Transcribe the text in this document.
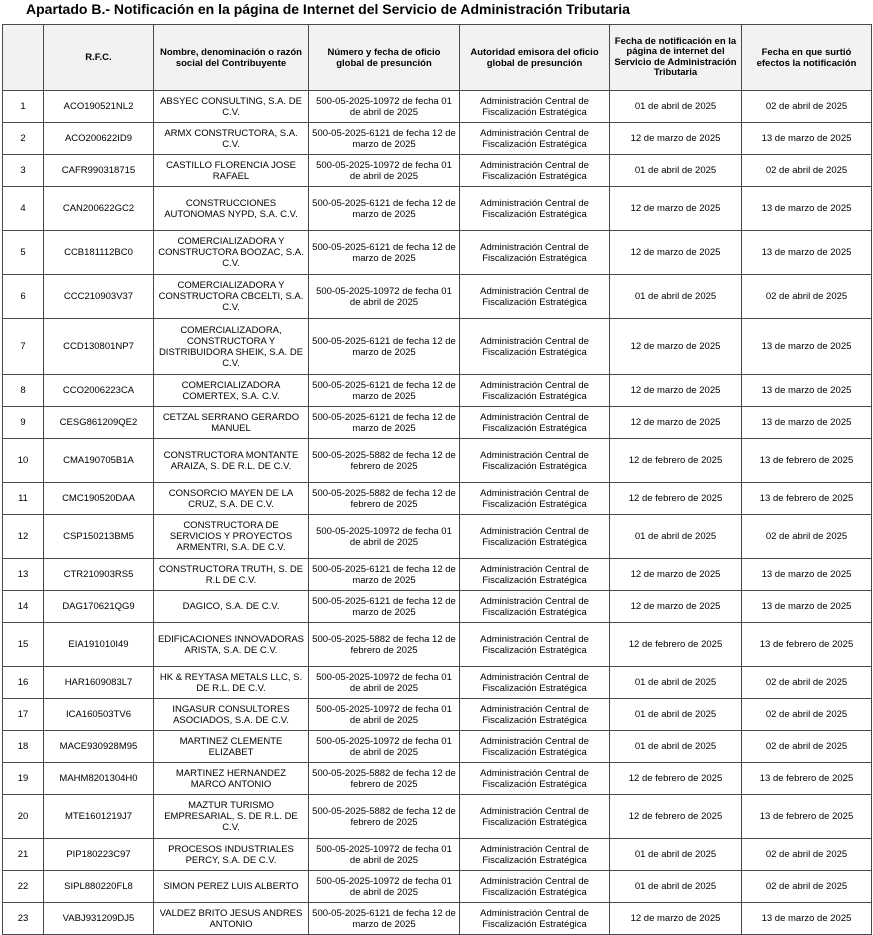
Apartado B.- Notificación en la página de Internet del Servicio de Administración Tributaria
	R.F.C.	Nombre, denominación o razón social del Contribuyente	Número y fecha de oficio global de presunción	Autoridad emisora del oficio global de presunción	Fecha de notificación en la página de internet del Servicio de Administración Tributaria	Fecha en que surtió efectos la notificación
1	ACO190521NL2	ABSYEC CONSULTING, S.A. DE C.V.	500-05-2025-10972 de fecha 01 de abril de 2025	Administración Central de Fiscalización Estratégica	01 de abril de 2025	02 de abril de 2025
2	ACO200622ID9	ARMX CONSTRUCTORA, S.A. C.V.	500-05-2025-6121 de fecha 12 de marzo de 2025	Administración Central de Fiscalización Estratégica	12 de marzo de 2025	13 de marzo de 2025
3	CAFR990318715	CASTILLO FLORENCIA JOSE RAFAEL	500-05-2025-10972 de fecha 01 de abril de 2025	Administración Central de Fiscalización Estratégica	01 de abril de 2025	02 de abril de 2025
4	CAN200622GC2	CONSTRUCCIONES AUTONOMAS NYPD, S.A. C.V.	500-05-2025-6121 de fecha 12 de marzo de 2025	Administración Central de Fiscalización Estratégica	12 de marzo de 2025	13 de marzo de 2025
5	CCB181112BC0	COMERCIALIZADORA Y CONSTRUCTORA BOOZAC, S.A. C.V.	500-05-2025-6121 de fecha 12 de marzo de 2025	Administración Central de Fiscalización Estratégica	12 de marzo de 2025	13 de marzo de 2025
6	CCC210903V37	COMERCIALIZADORA Y CONSTRUCTORA CBCELTI, S.A. C.V.	500-05-2025-10972 de fecha 01 de abril de 2025	Administración Central de Fiscalización Estratégica	01 de abril de 2025	02 de abril de 2025
7	CCD130801NP7	COMERCIALIZADORA, CONSTRUCTORA Y DISTRIBUIDORA SHEIK, S.A. DE C.V.	500-05-2025-6121 de fecha 12 de marzo de 2025	Administración Central de Fiscalización Estratégica	12 de marzo de 2025	13 de marzo de 2025
8	CCO2006223CA	COMERCIALIZADORA COMERTEX, S.A. C.V.	500-05-2025-6121 de fecha 12 de marzo de 2025	Administración Central de Fiscalización Estratégica	12 de marzo de 2025	13 de marzo de 2025
9	CESG861209QE2	CETZAL SERRANO GERARDO MANUEL	500-05-2025-6121 de fecha 12 de marzo de 2025	Administración Central de Fiscalización Estratégica	12 de marzo de 2025	13 de marzo de 2025
10	CMA190705B1A	CONSTRUCTORA MONTANTE ARAIZA, S. DE R.L. DE C.V.	500-05-2025-5882 de fecha 12 de febrero de 2025	Administración Central de Fiscalización Estratégica	12 de febrero de 2025	13 de febrero de 2025
11	CMC190520DAA	CONSORCIO MAYEN DE LA CRUZ, S.A. DE C.V.	500-05-2025-5882 de fecha 12 de febrero de 2025	Administración Central de Fiscalización Estratégica	12 de febrero de 2025	13 de febrero de 2025
12	CSP150213BM5	CONSTRUCTORA DE SERVICIOS Y PROYECTOS ARMENTRI, S.A. DE C.V.	500-05-2025-10972 de fecha 01 de abril de 2025	Administración Central de Fiscalización Estratégica	01 de abril de 2025	02 de abril de 2025
13	CTR210903RS5	CONSTRUCTORA TRUTH, S. DE R.L DE C.V.	500-05-2025-6121 de fecha 12 de marzo de 2025	Administración Central de Fiscalización Estratégica	12 de marzo de 2025	13 de marzo de 2025
14	DAG170621QG9	DAGICO, S.A. DE C.V.	500-05-2025-6121 de fecha 12 de marzo de 2025	Administración Central de Fiscalización Estratégica	12 de marzo de 2025	13 de marzo de 2025
15	EIA191010I49	EDIFICACIONES INNOVADORAS ARISTA, S.A. DE C.V.	500-05-2025-5882 de fecha 12 de febrero de 2025	Administración Central de Fiscalización Estratégica	12 de febrero de 2025	13 de febrero de 2025
16	HAR1609083L7	HK & REYTASA METALS LLC, S. DE R.L. DE C.V.	500-05-2025-10972 de fecha 01 de abril de 2025	Administración Central de Fiscalización Estratégica	01 de abril de 2025	02 de abril de 2025
17	ICA160503TV6	INGASUR CONSULTORES ASOCIADOS, S.A. DE C.V.	500-05-2025-10972 de fecha 01 de abril de 2025	Administración Central de Fiscalización Estratégica	01 de abril de 2025	02 de abril de 2025
18	MACE930928M95	MARTINEZ CLEMENTE ELIZABET	500-05-2025-10972 de fecha 01 de abril de 2025	Administración Central de Fiscalización Estratégica	01 de abril de 2025	02 de abril de 2025
19	MAHM8201304H0	MARTINEZ HERNANDEZ MARCO ANTONIO	500-05-2025-5882 de fecha 12 de febrero de 2025	Administración Central de Fiscalización Estratégica	12 de febrero de 2025	13 de febrero de 2025
20	MTE1601219J7	MAZTUR TURISMO EMPRESARIAL, S. DE R.L. DE C.V.	500-05-2025-5882 de fecha 12 de febrero de 2025	Administración Central de Fiscalización Estratégica	12 de febrero de 2025	13 de febrero de 2025
21	PIP180223C97	PROCESOS INDUSTRIALES PERCY, S.A. DE C.V.	500-05-2025-10972 de fecha 01 de abril de 2025	Administración Central de Fiscalización Estratégica	01 de abril de 2025	02 de abril de 2025
22	SIPL880220FL8	SIMON PEREZ LUIS ALBERTO	500-05-2025-10972 de fecha 01 de abril de 2025	Administración Central de Fiscalización Estratégica	01 de abril de 2025	02 de abril de 2025
23	VABJ931209DJ5	VALDEZ BRITO JESUS ANDRES ANTONIO	500-05-2025-6121 de fecha 12 de marzo de 2025	Administración Central de Fiscalización Estratégica	12 de marzo de 2025	13 de marzo de 2025
